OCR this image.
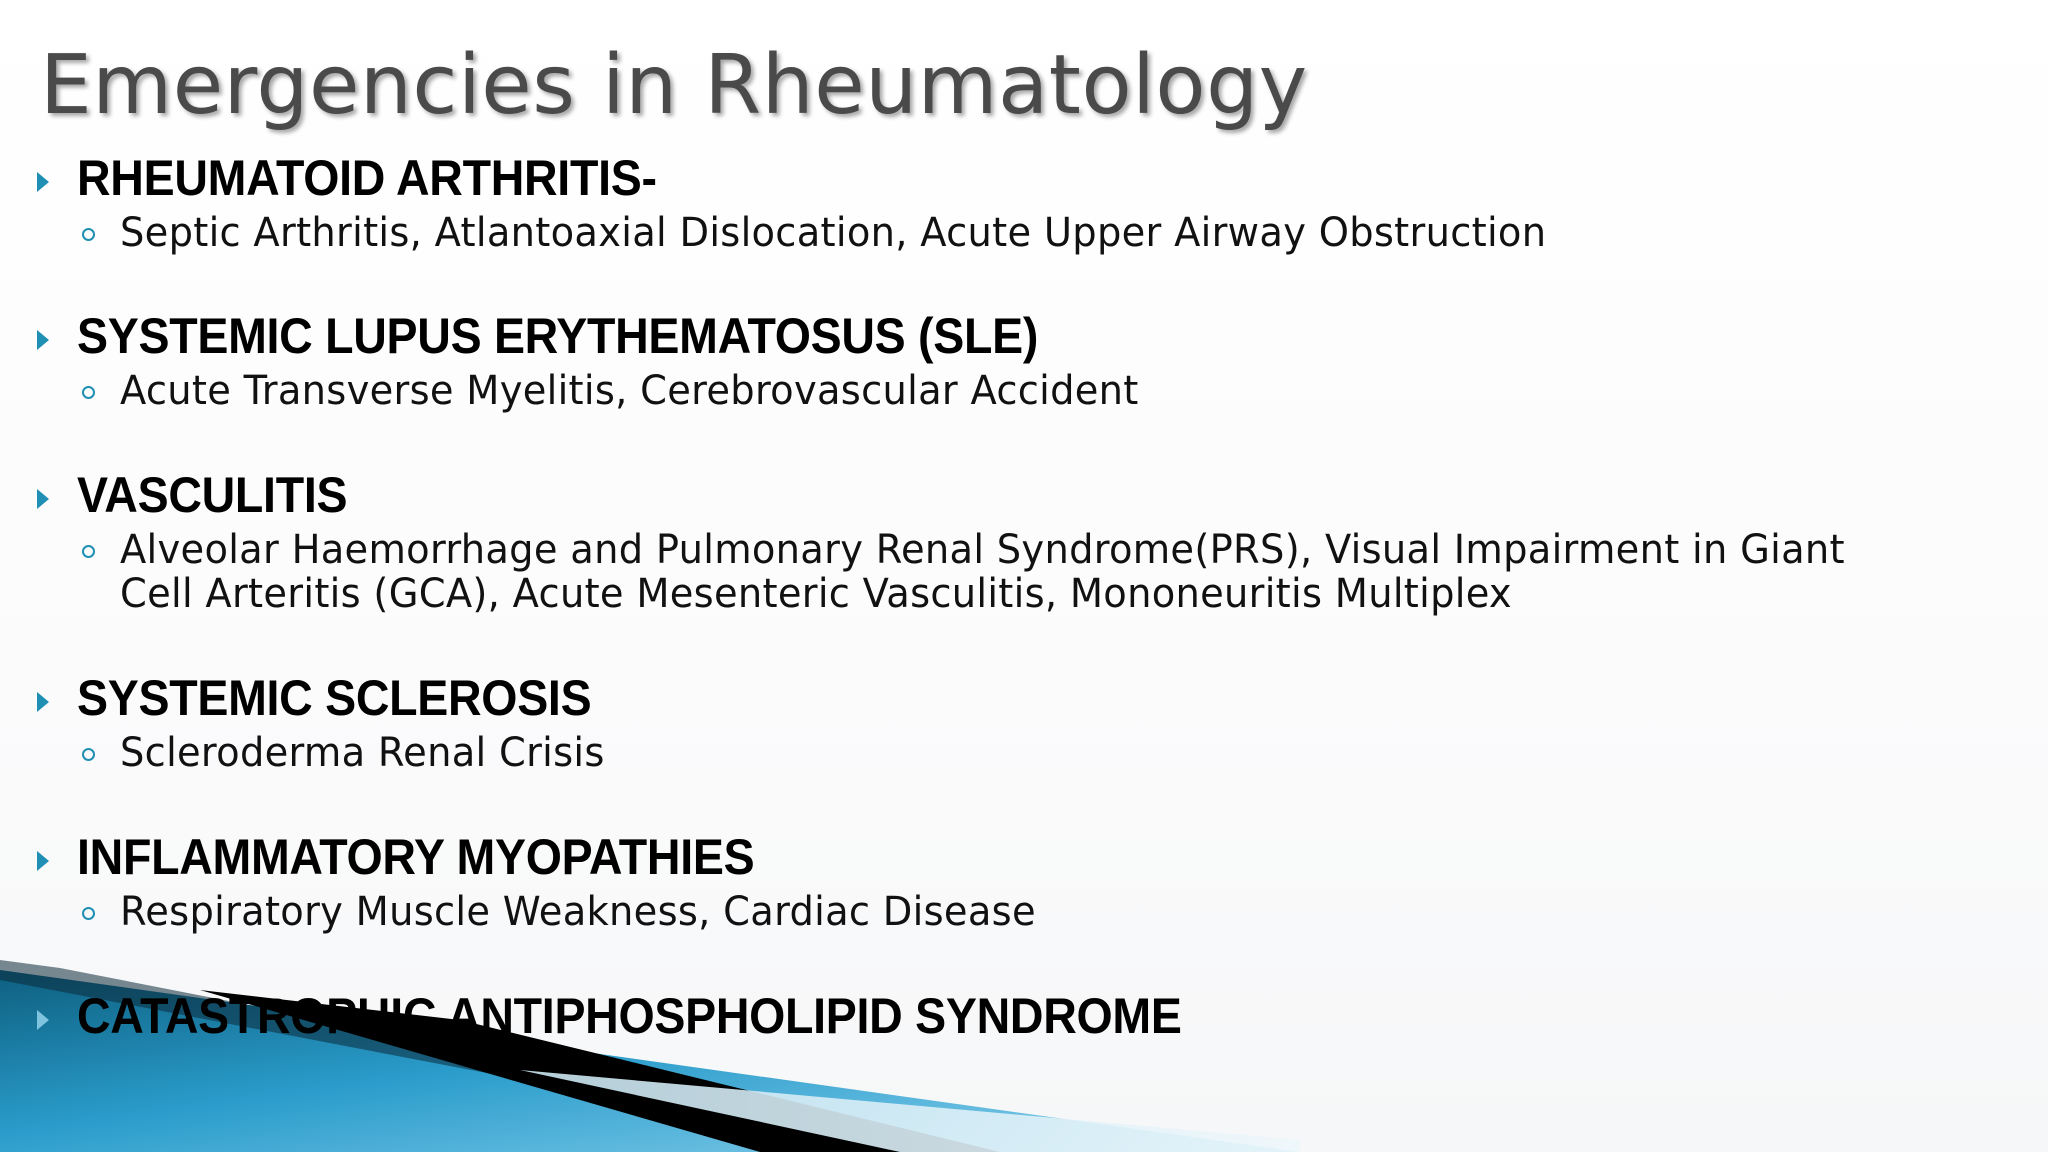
Emergencies in Rheumatology

RHEUMATOID ARTHRITIS-

Septic Arthritis, Atlantoaxial Dislocation, Acute Upper Airway Obstruction

SYSTEMIC LUPUS ERYTHEMATOSUS (SLE)

Acute Transverse Myelitis, Cerebrovascular Accident

VASCULITIS

Alveolar Haemorrhage and Pulmonary Renal Syndrome(PRS), Visual Impairment in Giant Cell Arteritis (GCA), Acute Mesenteric Vasculitis, Mononeuritis Multiplex

SYSTEMIC SCLEROSIS

Scleroderma Renal Crisis

INFLAMMATORY MYOPATHIES

Respiratory Muscle Weakness, Cardiac Disease

CATASTROPHIC ANTIPHOSPHOLIPID SYNDROME
